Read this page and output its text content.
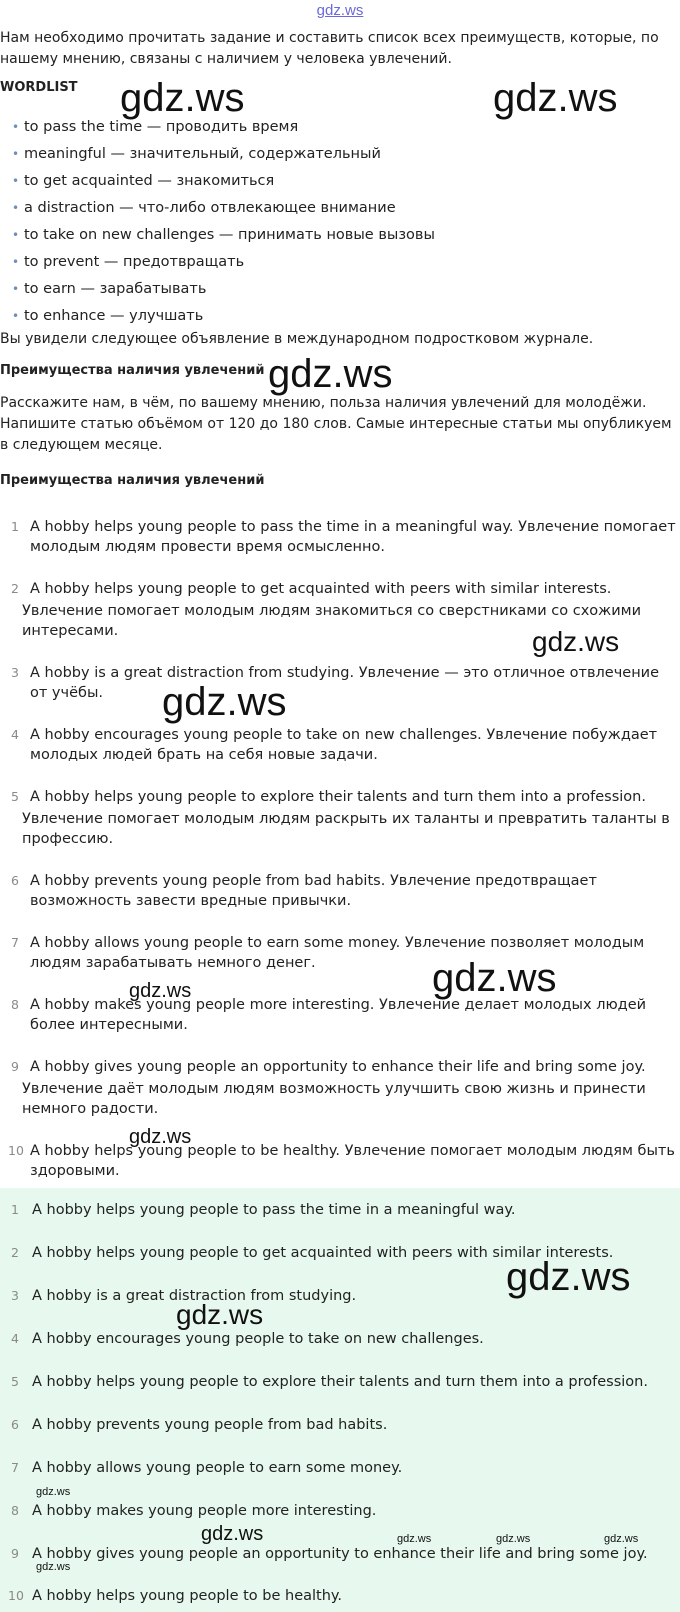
gdz.ws
Нам необходимо прочитать задание и составить список всех преимуществ, которые, по нашему мнению, связаны с наличием у человека увлечений.
WORDLIST
• to pass the time — проводить время
• meaningful — значительный, содержательный
• to get acquainted — знакомиться
• a distraction — что-либо отвлекающее внимание
• to take on new challenges — принимать новые вызовы
• to prevent — предотвращать
• to earn — зарабатывать
• to enhance — улучшать
Вы увидели следующее объявление в международном подростковом журнале.
Преимущества наличия увлечений
Расскажите нам, в чём, по вашему мнению, польза наличия увлечений для молодёжи. Напишите статью объёмом от 120 до 180 слов. Самые интересные статьи мы опубликуем в следующем месяце.
Преимущества наличия увлечений
1 A hobby helps young people to pass the time in a meaningful way. Увлечение помогает молодым людям провести время осмысленно.
2 A hobby helps young people to get acquainted with peers with similar interests.
Увлечение помогает молодым людям знакомиться со сверстниками со схожими интересами.
3 A hobby is a great distraction from studying. Увлечение — это отличное отвлечение от учёбы.
4 A hobby encourages young people to take on new challenges. Увлечение побуждает молодых людей брать на себя новые задачи.
5 A hobby helps young people to explore their talents and turn them into a profession.
Увлечение помогает молодым людям раскрыть их таланты и превратить таланты в профессию.
6 A hobby prevents young people from bad habits. Увлечение предотвращает возможность завести вредные привычки.
7 A hobby allows young people to earn some money. Увлечение позволяет молодым людям зарабатывать немного денег.
8 A hobby makes young people more interesting. Увлечение делает молодых людей более интересными.
9 A hobby gives young people an opportunity to enhance their life and bring some joy.
Увлечение даёт молодым людям возможность улучшить свою жизнь и принести немного радости.
10 A hobby helps young people to be healthy. Увлечение помогает молодым людям быть здоровыми.
1 A hobby helps young people to pass the time in a meaningful way.
2 A hobby helps young people to get acquainted with peers with similar interests.
3 A hobby is a great distraction from studying.
4 A hobby encourages young people to take on new challenges.
5 A hobby helps young people to explore their talents and turn them into a profession.
6 A hobby prevents young people from bad habits.
7 A hobby allows young people to earn some money.
8 A hobby makes young people more interesting.
9 A hobby gives young people an opportunity to enhance their life and bring some joy.
10 A hobby helps young people to be healthy.
gdz.ws	gdz.ws
gdz.ws
gdz.ws
gdz.ws
gdz.ws
gdz.ws
gdz.ws
gdz.ws
gdz.ws
gdz.ws
gdz.ws	gdz.ws	gdz.ws	gdz.ws
gdz.ws
